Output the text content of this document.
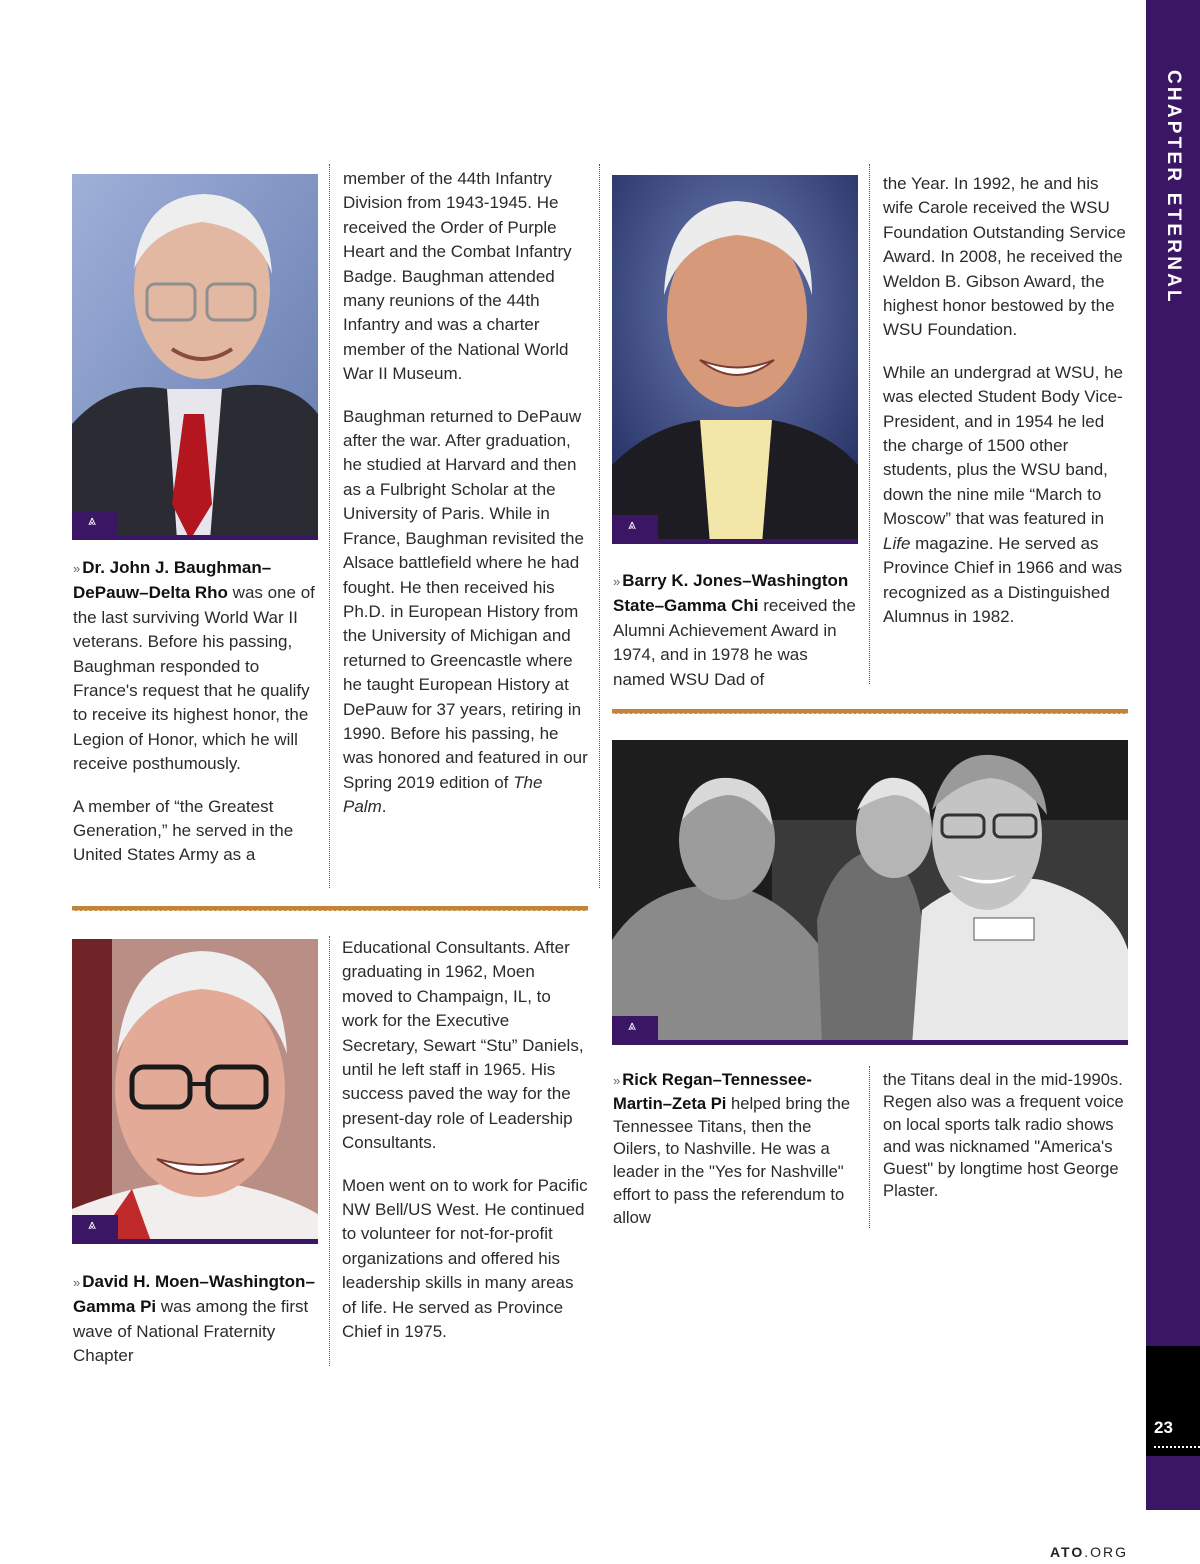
CHAPTER ETERNAL
23
⩓

» Dr. John J. Baughman–DePauw–Delta Rho was one of the last surviving World War II veterans. Before his passing, Baughman responded to France's request that he qualify to receive its highest honor, the Legion of Honor, which he will receive posthumously.

A member of “the Greatest Generation,” he served in the United States Army as a

member of the 44th Infantry Division from 1943-1945. He received the Order of Purple Heart and the Combat Infantry Badge. Baughman attended many reunions of the 44th Infantry and was a charter member of the National World War II Museum.

Baughman returned to DePauw after the war. After graduation, he studied at Harvard and then as a Fulbright Scholar at the University of Paris. While in France, Baughman revisited the Alsace battlefield where he had fought. He then received his Ph.D. in European History from the University of Michigan and returned to Greencastle where he taught European History at DePauw for 37 years, retiring in 1990. Before his passing, he was honored and featured in our Spring 2019 edition of The Palm.

⩓

» David H. Moen–Washington–Gamma Pi was among the first wave of National Fraternity Chapter

Educational Consultants. After graduating in 1962, Moen moved to Champaign, IL, to work for the Executive Secretary, Sewart “Stu” Daniels, until he left staff in 1965. His success paved the way for the present-day role of Leadership Consultants.

Moen went on to work for Pacific NW Bell/US West. He continued to volunteer for not-for-profit organizations and offered his leadership skills in many areas of life. He served as Province Chief in 1975.

⩓

» Barry K. Jones–Washington State–Gamma Chi received the Alumni Achievement Award in 1974, and in 1978 he was named WSU Dad of

the Year. In 1992, he and his wife Carole received the WSU Foundation Outstanding Service Award. In 2008, he received the Weldon B. Gibson Award, the highest honor bestowed by the WSU Foundation.

While an undergrad at WSU, he was elected Student Body Vice-President, and in 1954 he led the charge of 1500 other students, plus the WSU band, down the nine mile “March to Moscow” that was featured in Life magazine. He served as Province Chief in 1966 and was recognized as a Distinguished Alumnus in 1982.

⩓

» Rick Regan–Tennessee-Martin–Zeta Pi helped bring the Tennessee Titans, then the Oilers, to Nashville. He was a leader in the "Yes for Nashville" effort to pass the referendum to allow

the Titans deal in the mid-1990s. Regen also was a frequent voice on local sports talk radio shows and was nicknamed "America's Guest" by longtime host George Plaster.

ATO.ORG
